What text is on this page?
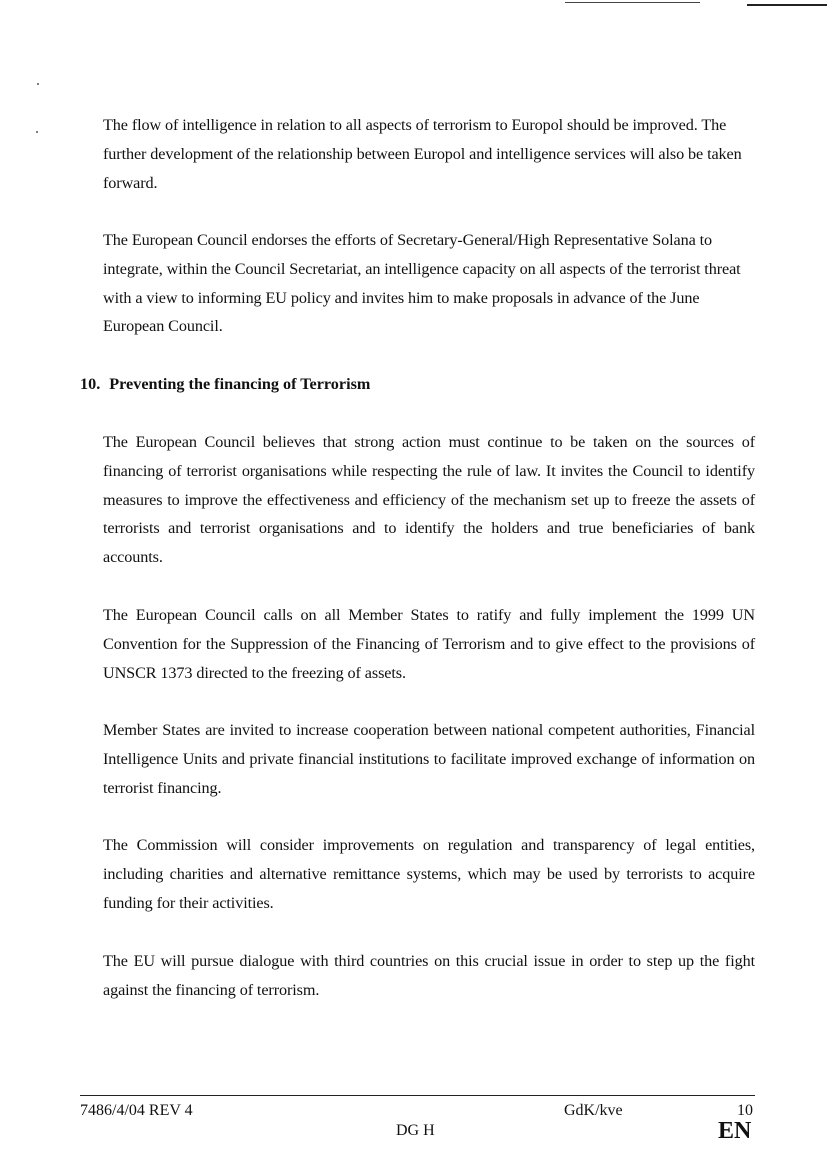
The flow of intelligence in relation to all aspects of terrorism to Europol should be improved. The further development of the relationship between Europol and intelligence services will also be taken forward.

The European Council endorses the efforts of Secretary-General/High Representative Solana to integrate, within the Council Secretariat, an intelligence capacity on all aspects of the terrorist threat with a view to informing EU policy and invites him to make proposals in advance of the June European Council.

10. Preventing the financing of Terrorism

The European Council believes that strong action must continue to be taken on the sources of financing of terrorist organisations while respecting the rule of law. It invites the Council to identify measures to improve the effectiveness and efficiency of the mechanism set up to freeze the assets of terrorists and terrorist organisations and to identify the holders and true beneficiaries of bank accounts.

The European Council calls on all Member States to ratify and fully implement the 1999 UN Convention for the Suppression of the Financing of Terrorism and to give effect to the provisions of UNSCR 1373 directed to the freezing of assets.

Member States are invited to increase cooperation between national competent authorities, Financial Intelligence Units and private financial institutions to facilitate improved exchange of information on terrorist financing.

The Commission will consider improvements on regulation and transparency of legal entities, including charities and alternative remittance systems, which may be used by terrorists to acquire funding for their activities.

The EU will pursue dialogue with third countries on this crucial issue in order to step up the fight against the financing of terrorism.

7486/4/04 REV 4
DG H
GdK/kve	10
EN
